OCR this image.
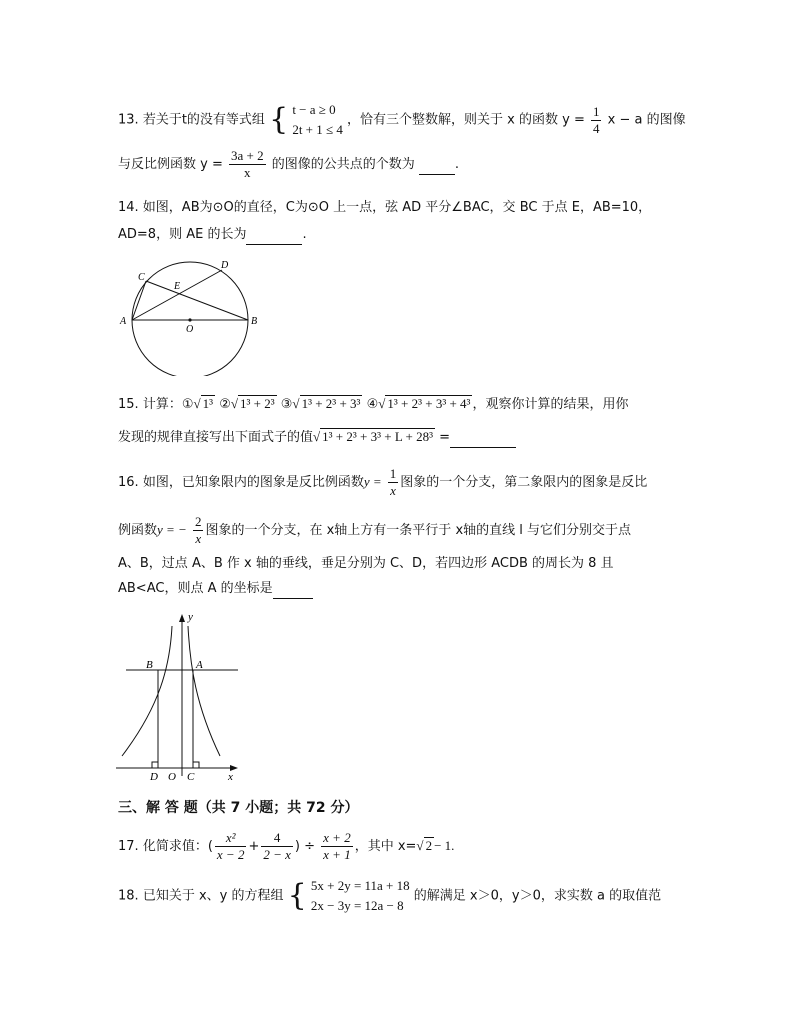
13. 若关于t的没有等式组 { t − a ≥ 0
2t + 1 ≤ 4
，恰有三个整数解，则关于 x 的函数 $y = \frac{1}{4}$ x − a 的图像
与反比例函数 $y = \frac{3a + 2}{x}$ 的图像的公共点的个数为	.
14. 如图，AB为⊙O的直径，C为⊙O 上一点，弦 AD 平分∠BAC，交 BC 于点 E，AB=10，
AD=8，则 AE 的长为	.
A	B
C
D
E
O
15. 计算：①√ 1³ ②√ 1³ + 2³ ③√ 1³ + 2³ + 3³ ④√ 1³ + 2³ + 3³ + 4³ ，观察你计算的结果，用你
发现的规律直接写出下面式子的值√ 1³ + 2³ + 3³ + L + 28³ =
16. 如图，已知象限内的图象是反比例函数$y = \frac{1}{x}$ 图象的一个分支，第二象限内的图象是反比
例函数y = − $\frac{2}{x}$ 图象的一个分支，在 x轴上方有一条平行于 x轴的直线 l 与它们分别交于点
A、B，过点 A、B 作 x 轴的垂线，垂足分别为 C、D，若四边形 ACDB 的周长为 8 且
AB<AC，则点 A 的坐标是
y
x
B	A
D O C
三、解 答 题（共 7 小题；共 72 分）
17. 化简求值：( $\frac{\text{x²}}{x - 2} + \frac{4}{2 - x}$ ) ÷ $\frac{x + 2}{x + 1}$ ，其中 x=√ 2 − 1.
18. 已知关于 x、y 的方程组 { 5x + 2y = 11a + 18
2x − 3y = 12a − 8
的解满足 x＞0，y＞0，求实数 a 的取值范
